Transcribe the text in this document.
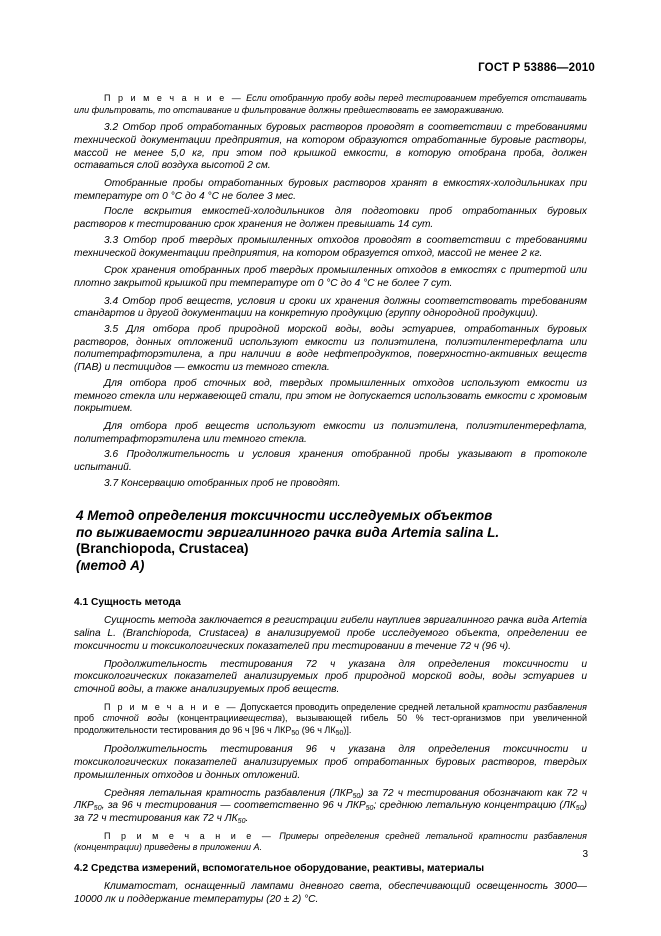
ГОСТ Р 53886—2010

П р и м е ч а н и е — Если отобранную пробу воды перед тестированием требуется отстаивать или фильтровать, то отстаивание и фильтрование должны предшествовать ее замораживанию.

3.2 Отбор проб отработанных буровых растворов проводят в соответствии с требованиями технической документации предприятия, на котором образуются отработанные буровые растворы, массой не менее 5,0 кг, при этом под крышкой емкости, в которую отобрана проба, должен оставаться слой воздуха высотой 2 см.

Отобранные пробы отработанных буровых растворов хранят в емкостях-холодильниках при температуре от 0 °С до 4 °С не более 3 мес.

После вскрытия емкостей-холодильников для подготовки проб отработанных буровых растворов к тестированию срок хранения не должен превышать 14 сут.

3.3 Отбор проб твердых промышленных отходов проводят в соответствии с требованиями технической документации предприятия, на котором образуется отход, массой не менее 2 кг.

Срок хранения отобранных проб твердых промышленных отходов в емкостях с притертой или плотно закрытой крышкой при температуре от 0 °С до 4 °С не более 7 сут.

3.4 Отбор проб веществ, условия и сроки их хранения должны соответствовать требованиям стандартов и другой документации на конкретную продукцию (группу однородной продукции).

3.5 Для отбора проб природной морской воды, воды эстуариев, отработанных буровых растворов, донных отложений используют емкости из полиэтилена, полиэтилентерефлата или политетрафторэтилена, а при наличии в воде нефтепродуктов, поверхностно-активных веществ (ПАВ) и пестицидов — емкости из темного стекла.

Для отбора проб сточных вод, твердых промышленных отходов используют емкости из темного стекла или нержавеющей стали, при этом не допускается использовать емкости с хромовым покрытием.

Для отбора проб веществ используют емкости из полиэтилена, полиэтилентерефлата, политетрафторэтилена или темного стекла.

3.6 Продолжительность и условия хранения отобранной пробы указывают в протоколе испытаний.

3.7 Консервацию отобранных проб не проводят.

4 Метод определения токсичности исследуемых объектов
по выживаемости эвригалинного рачка вида Artemia salina L.
(Branchiopoda, Crustacea)
(метод А)
4.1 Сущность метода

Сущность метода заключается в регистрации гибели науплиев эвригалинного рачка вида Artemia salina L. (Branchiopoda, Crustacea) в анализируемой пробе исследуемого объекта, определении ее токсичности и токсикологических показателей при тестировании в течение 72 ч (96 ч).

Продолжительность тестирования 72 ч указана для определения токсичности и токсикологических показателей анализируемых проб природной морской воды, воды эстуариев и сточной воды, а также анализируемых проб веществ.

П р и м е ч а н и е — Допускается проводить определение средней летальной кратности разбавления проб сточной воды (концентрациивещества), вызывающей гибель 50 % тест-организмов при увеличенной продолжительности тестирования до 96 ч [96 ч $ЛКР_{50}$ (96 ч $ЛК_{50}$)].

Продолжительность тестирования 96 ч указана для определения токсичности и токсикологических показателей анализируемых проб отработанных буровых растворов, твердых промышленных отходов и донных отложений.

Средняя летальная кратность разбавления $(ЛКР_{50})$ за 72 ч тестирования обозначают как 72 ч $ЛКР_{50}$, за 96 ч тестирования — соответственно 96 ч $ЛКР_{50}$; среднюю летальную концентрацию $(ЛК_{50})$ за 72 ч тестирования как 72 ч $ЛК_{50}$.

П р и м е ч а н и е — Примеры определения средней летальной кратности разбавления (концентрации) приведены в приложении А.

4.2 Средства измерений, вспомогательное оборудование, реактивы, материалы

Климатостат, оснащенный лампами дневного света, обеспечивающий освещенность 3000—10000 лк и поддержание температуры (20 ± 2) °С.

3
